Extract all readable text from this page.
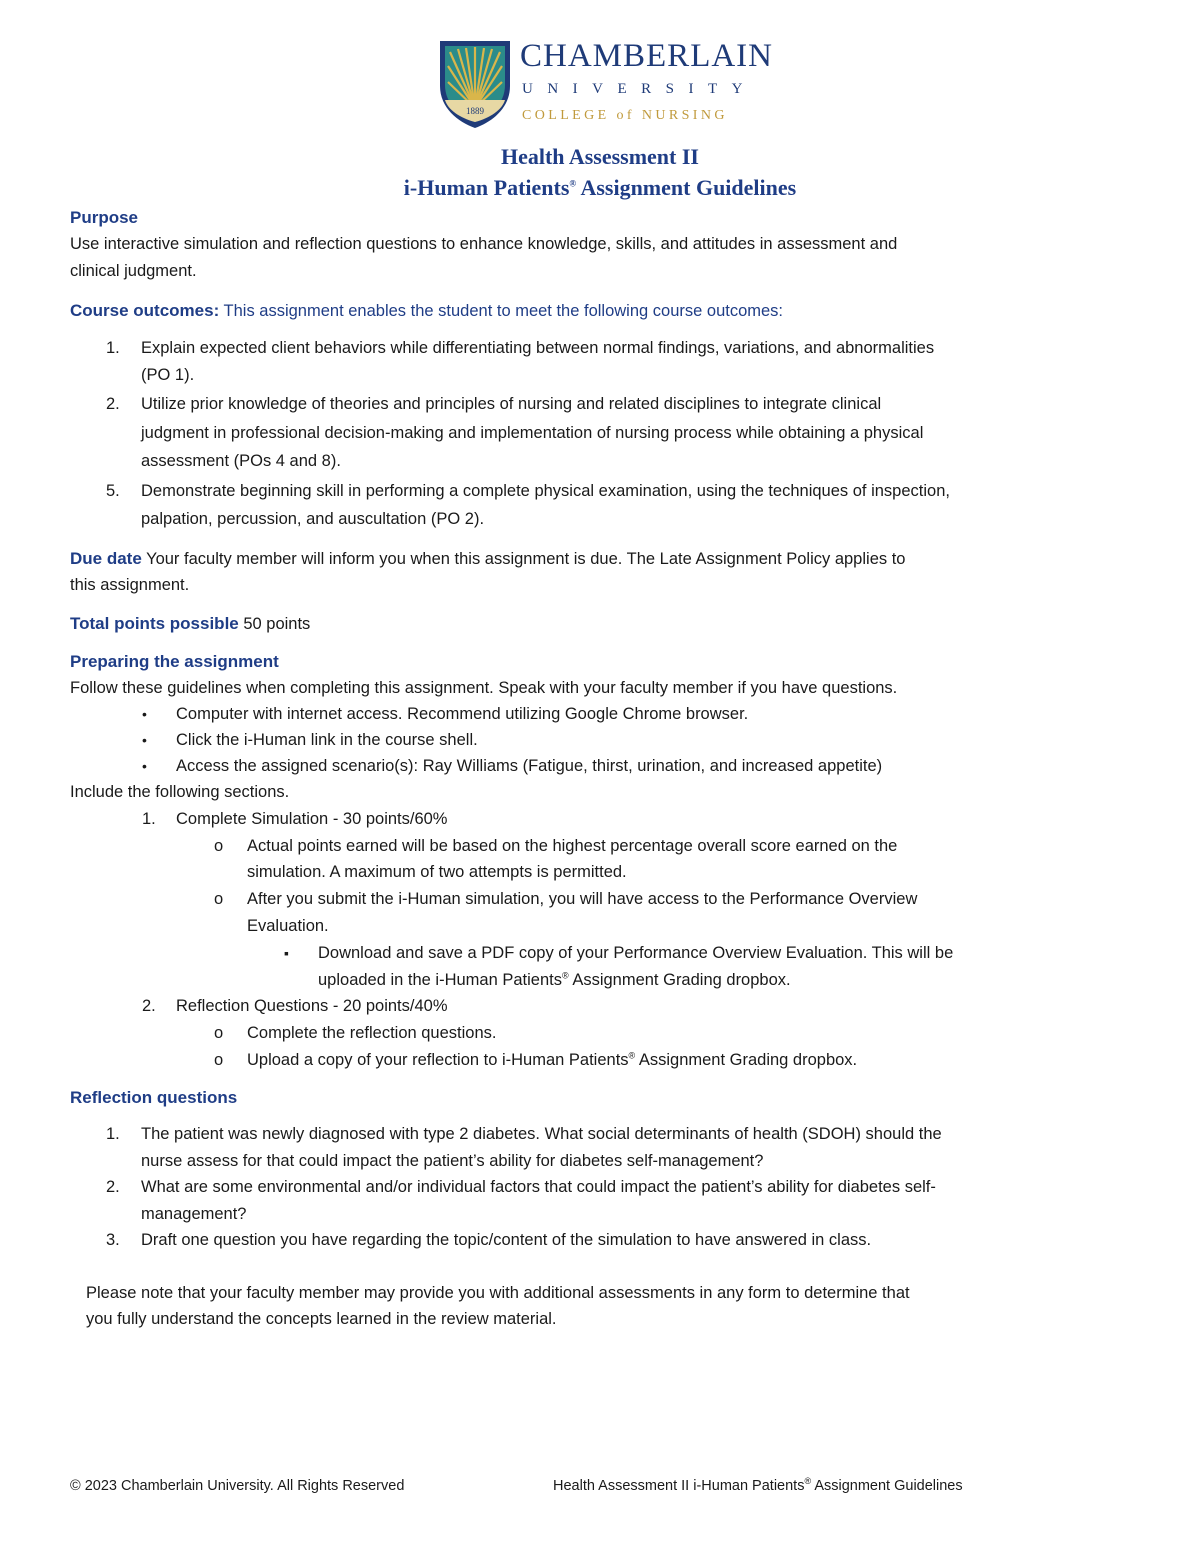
1889
CHAMBERLAIN
UNIVERSITY
COLLEGE of NURSING
Health Assessment II
i-Human Patients® Assignment Guidelines
Purpose
Use interactive simulation and reflection questions to enhance knowledge, skills, and attitudes in assessment and
clinical judgment.
Course outcomes: This assignment enables the student to meet the following course outcomes:
1. Explain expected client behaviors while differentiating between normal findings, variations, and abnormalities
(PO 1).
2. Utilize prior knowledge of theories and principles of nursing and related disciplines to integrate clinical
judgment in professional decision-making and implementation of nursing process while obtaining a physical
assessment (POs 4 and 8).
5. Demonstrate beginning skill in performing a complete physical examination, using the techniques of inspection,
palpation, percussion, and auscultation (PO 2).
Due date Your faculty member will inform you when this assignment is due. The Late Assignment Policy applies to
this assignment.
Total points possible 50 points
Preparing the assignment
Follow these guidelines when completing this assignment. Speak with your faculty member if you have questions.
• Computer with internet access. Recommend utilizing Google Chrome browser.
• Click the i-Human link in the course shell.
• Access the assigned scenario(s): Ray Williams (Fatigue, thirst, urination, and increased appetite)
Include the following sections.
1. Complete Simulation - 30 points/60%
o Actual points earned will be based on the highest percentage overall score earned on the
simulation. A maximum of two attempts is permitted.
o After you submit the i-Human simulation, you will have access to the Performance Overview
Evaluation.
▪ Download and save a PDF copy of your Performance Overview Evaluation. This will be
uploaded in the i-Human Patients® Assignment Grading dropbox.
2. Reflection Questions - 20 points/40%
o Complete the reflection questions.
o Upload a copy of your reflection to i-Human Patients® Assignment Grading dropbox.
Reflection questions
1. The patient was newly diagnosed with type 2 diabetes. What social determinants of health (SDOH) should the
nurse assess for that could impact the patient’s ability for diabetes self-management?
2. What are some environmental and/or individual factors that could impact the patient’s ability for diabetes self-
management?
3. Draft one question you have regarding the topic/content of the simulation to have answered in class.
Please note that your faculty member may provide you with additional assessments in any form to determine that
you fully understand the concepts learned in the review material.
© 2023 Chamberlain University. All Rights Reserved	Health Assessment II i-Human Patients® Assignment Guidelines
